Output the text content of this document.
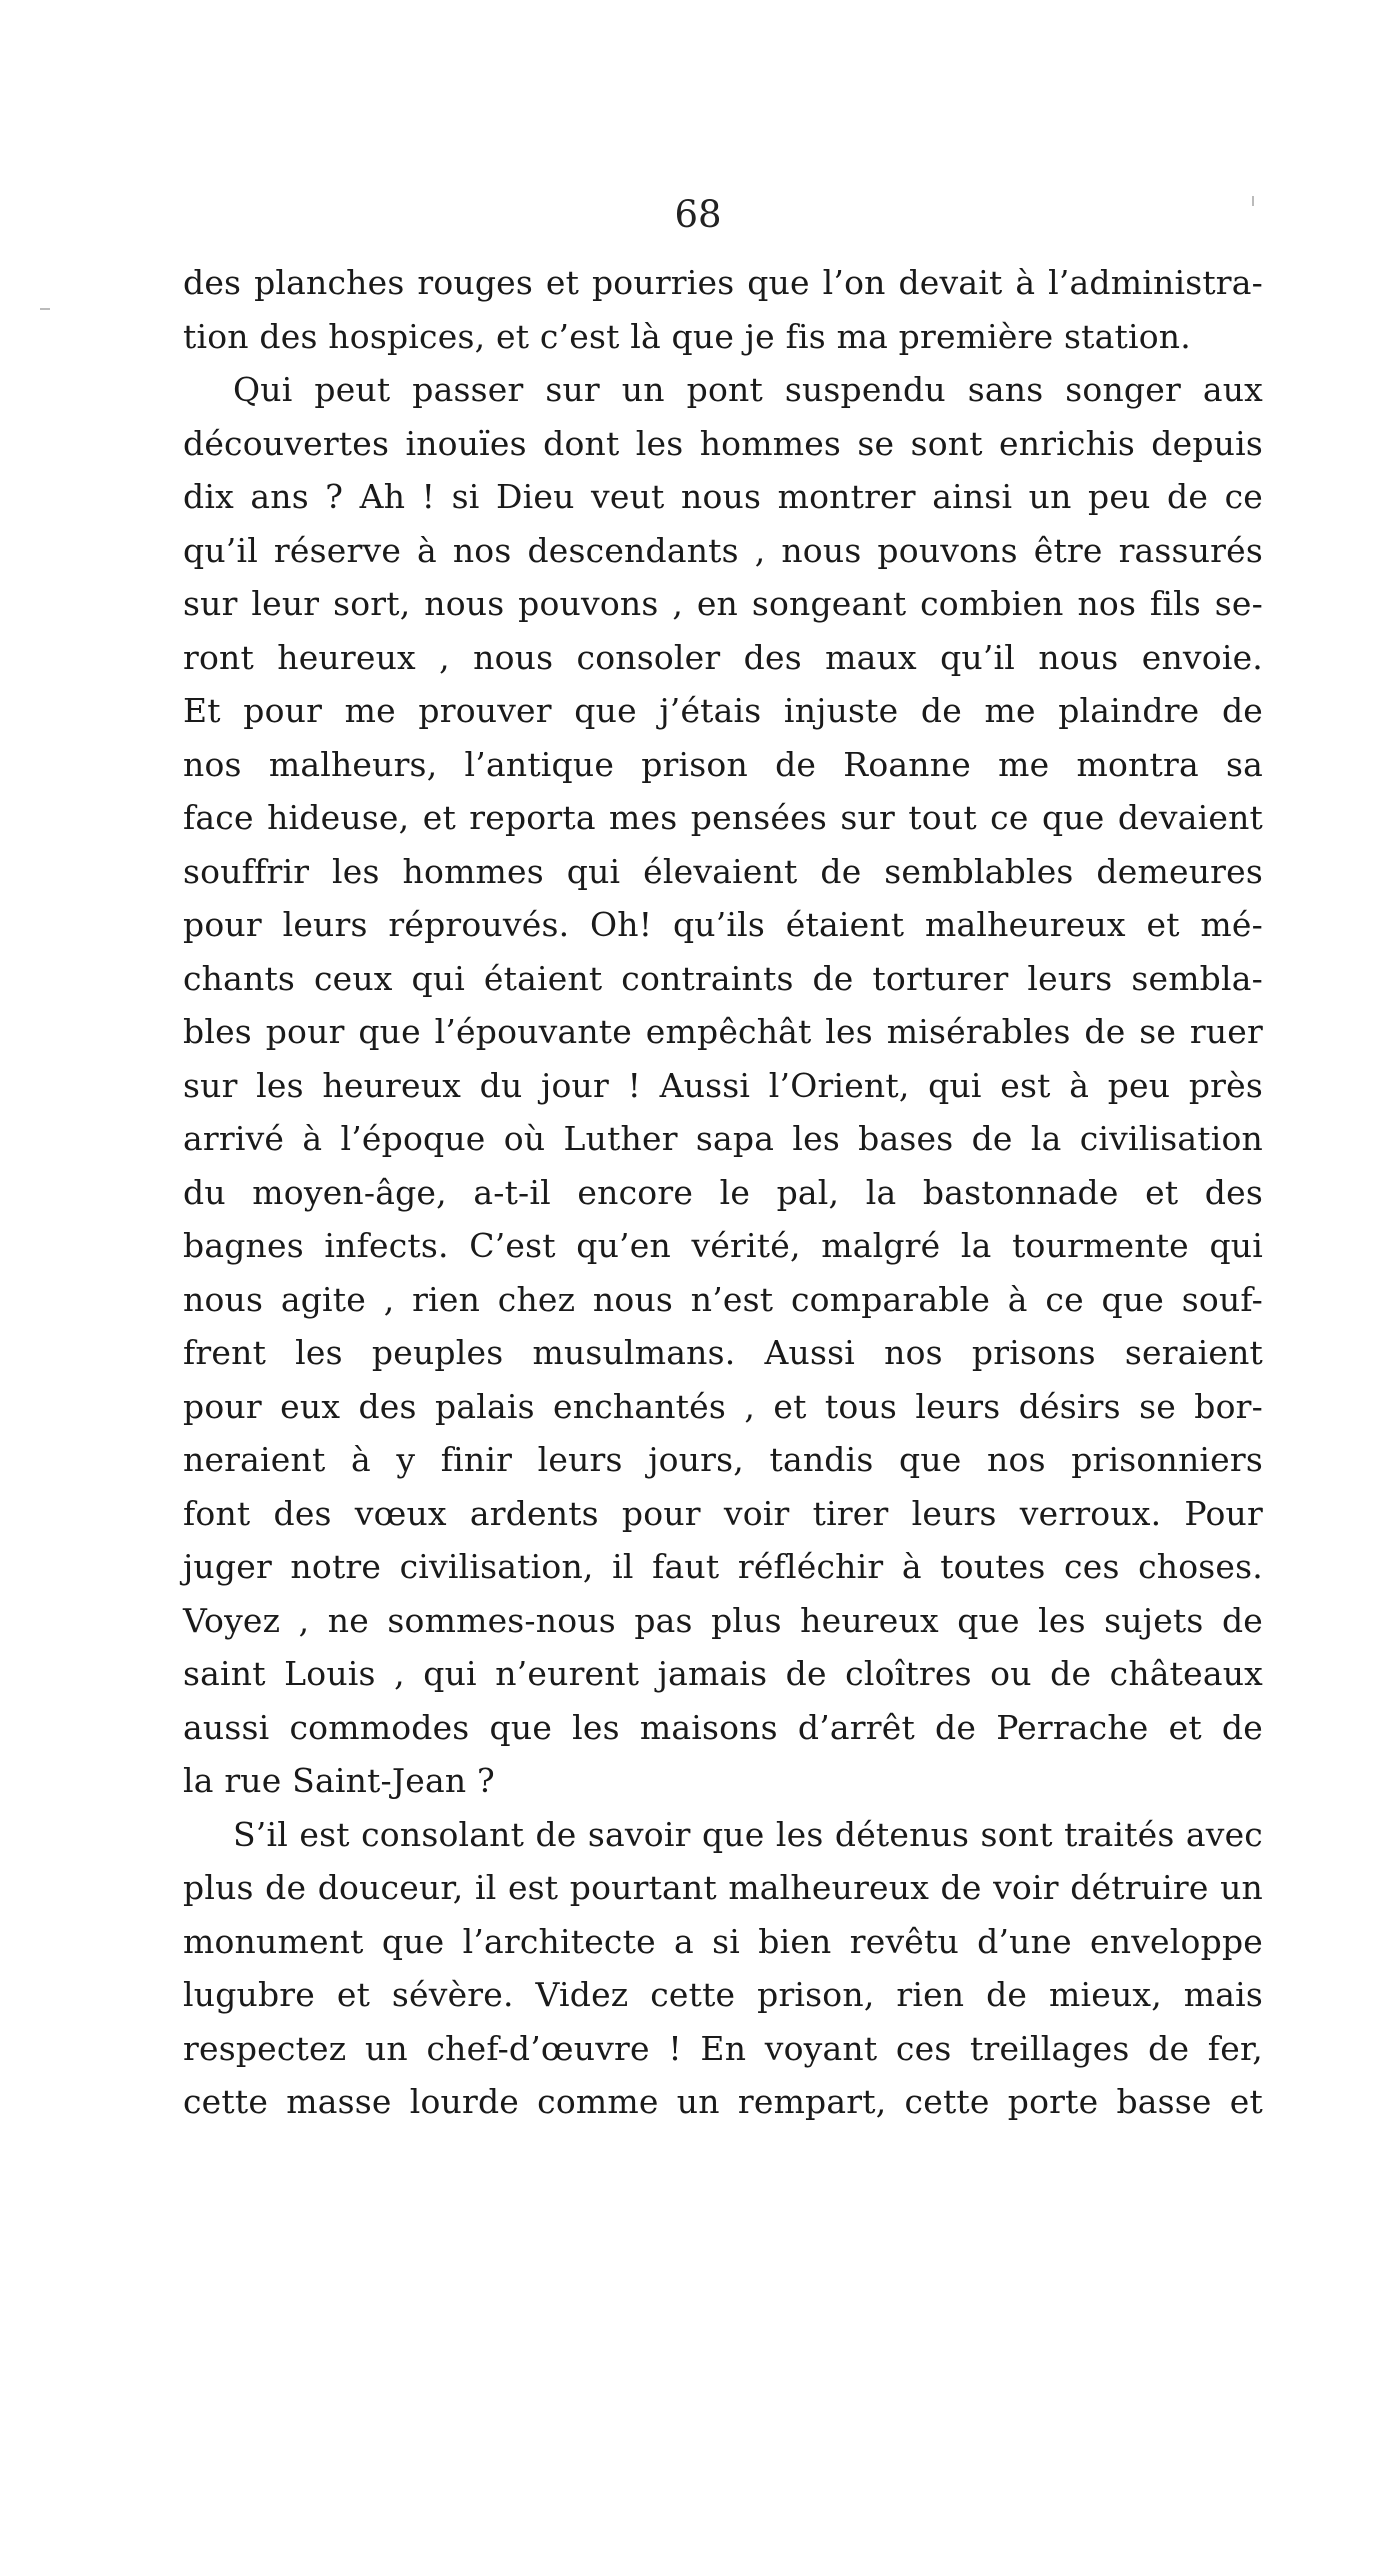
68

des planches rouges et pourries que l’on devait à l’administra-
tion des hospices, et c’est là que je fis ma première station.

Qui peut passer sur un pont suspendu sans songer aux
découvertes inouïes dont les hommes se sont enrichis depuis
dix ans ? Ah ! si Dieu veut nous montrer ainsi un peu de ce
qu’il réserve à nos descendants , nous pouvons être rassurés
sur leur sort, nous pouvons , en songeant combien nos fils se-
ront heureux , nous consoler des maux qu’il nous envoie.
Et pour me prouver que j’étais injuste de me plaindre de
nos malheurs, l’antique prison de Roanne me montra sa
face hideuse, et reporta mes pensées sur tout ce que devaient
souffrir les hommes qui élevaient de semblables demeures
pour leurs réprouvés. Oh! qu’ils étaient malheureux et mé-
chants ceux qui étaient contraints de torturer leurs sembla-
bles pour que l’épouvante empêchât les misérables de se ruer
sur les heureux du jour ! Aussi l’Orient, qui est à peu près
arrivé à l’époque où Luther sapa les bases de la civilisation
du moyen-âge, a-t-il encore le pal, la bastonnade et des
bagnes infects. C’est qu’en vérité, malgré la tourmente qui
nous agite , rien chez nous n’est comparable à ce que souf-
frent les peuples musulmans. Aussi nos prisons seraient
pour eux des palais enchantés , et tous leurs désirs se bor-
neraient à y finir leurs jours, tandis que nos prisonniers
font des vœux ardents pour voir tirer leurs verroux. Pour
juger notre civilisation, il faut réfléchir à toutes ces choses.
Voyez , ne sommes-nous pas plus heureux que les sujets de
saint Louis , qui n’eurent jamais de cloîtres ou de châteaux
aussi commodes que les maisons d’arrêt de Perrache et de
la rue Saint-Jean ?

S’il est consolant de savoir que les détenus sont traités avec
plus de douceur, il est pourtant malheureux de voir détruire un
monument que l’architecte a si bien revêtu d’une enveloppe
lugubre et sévère. Videz cette prison, rien de mieux, mais
respectez un chef-d’œuvre ! En voyant ces treillages de fer,
cette masse lourde comme un rempart, cette porte basse et
